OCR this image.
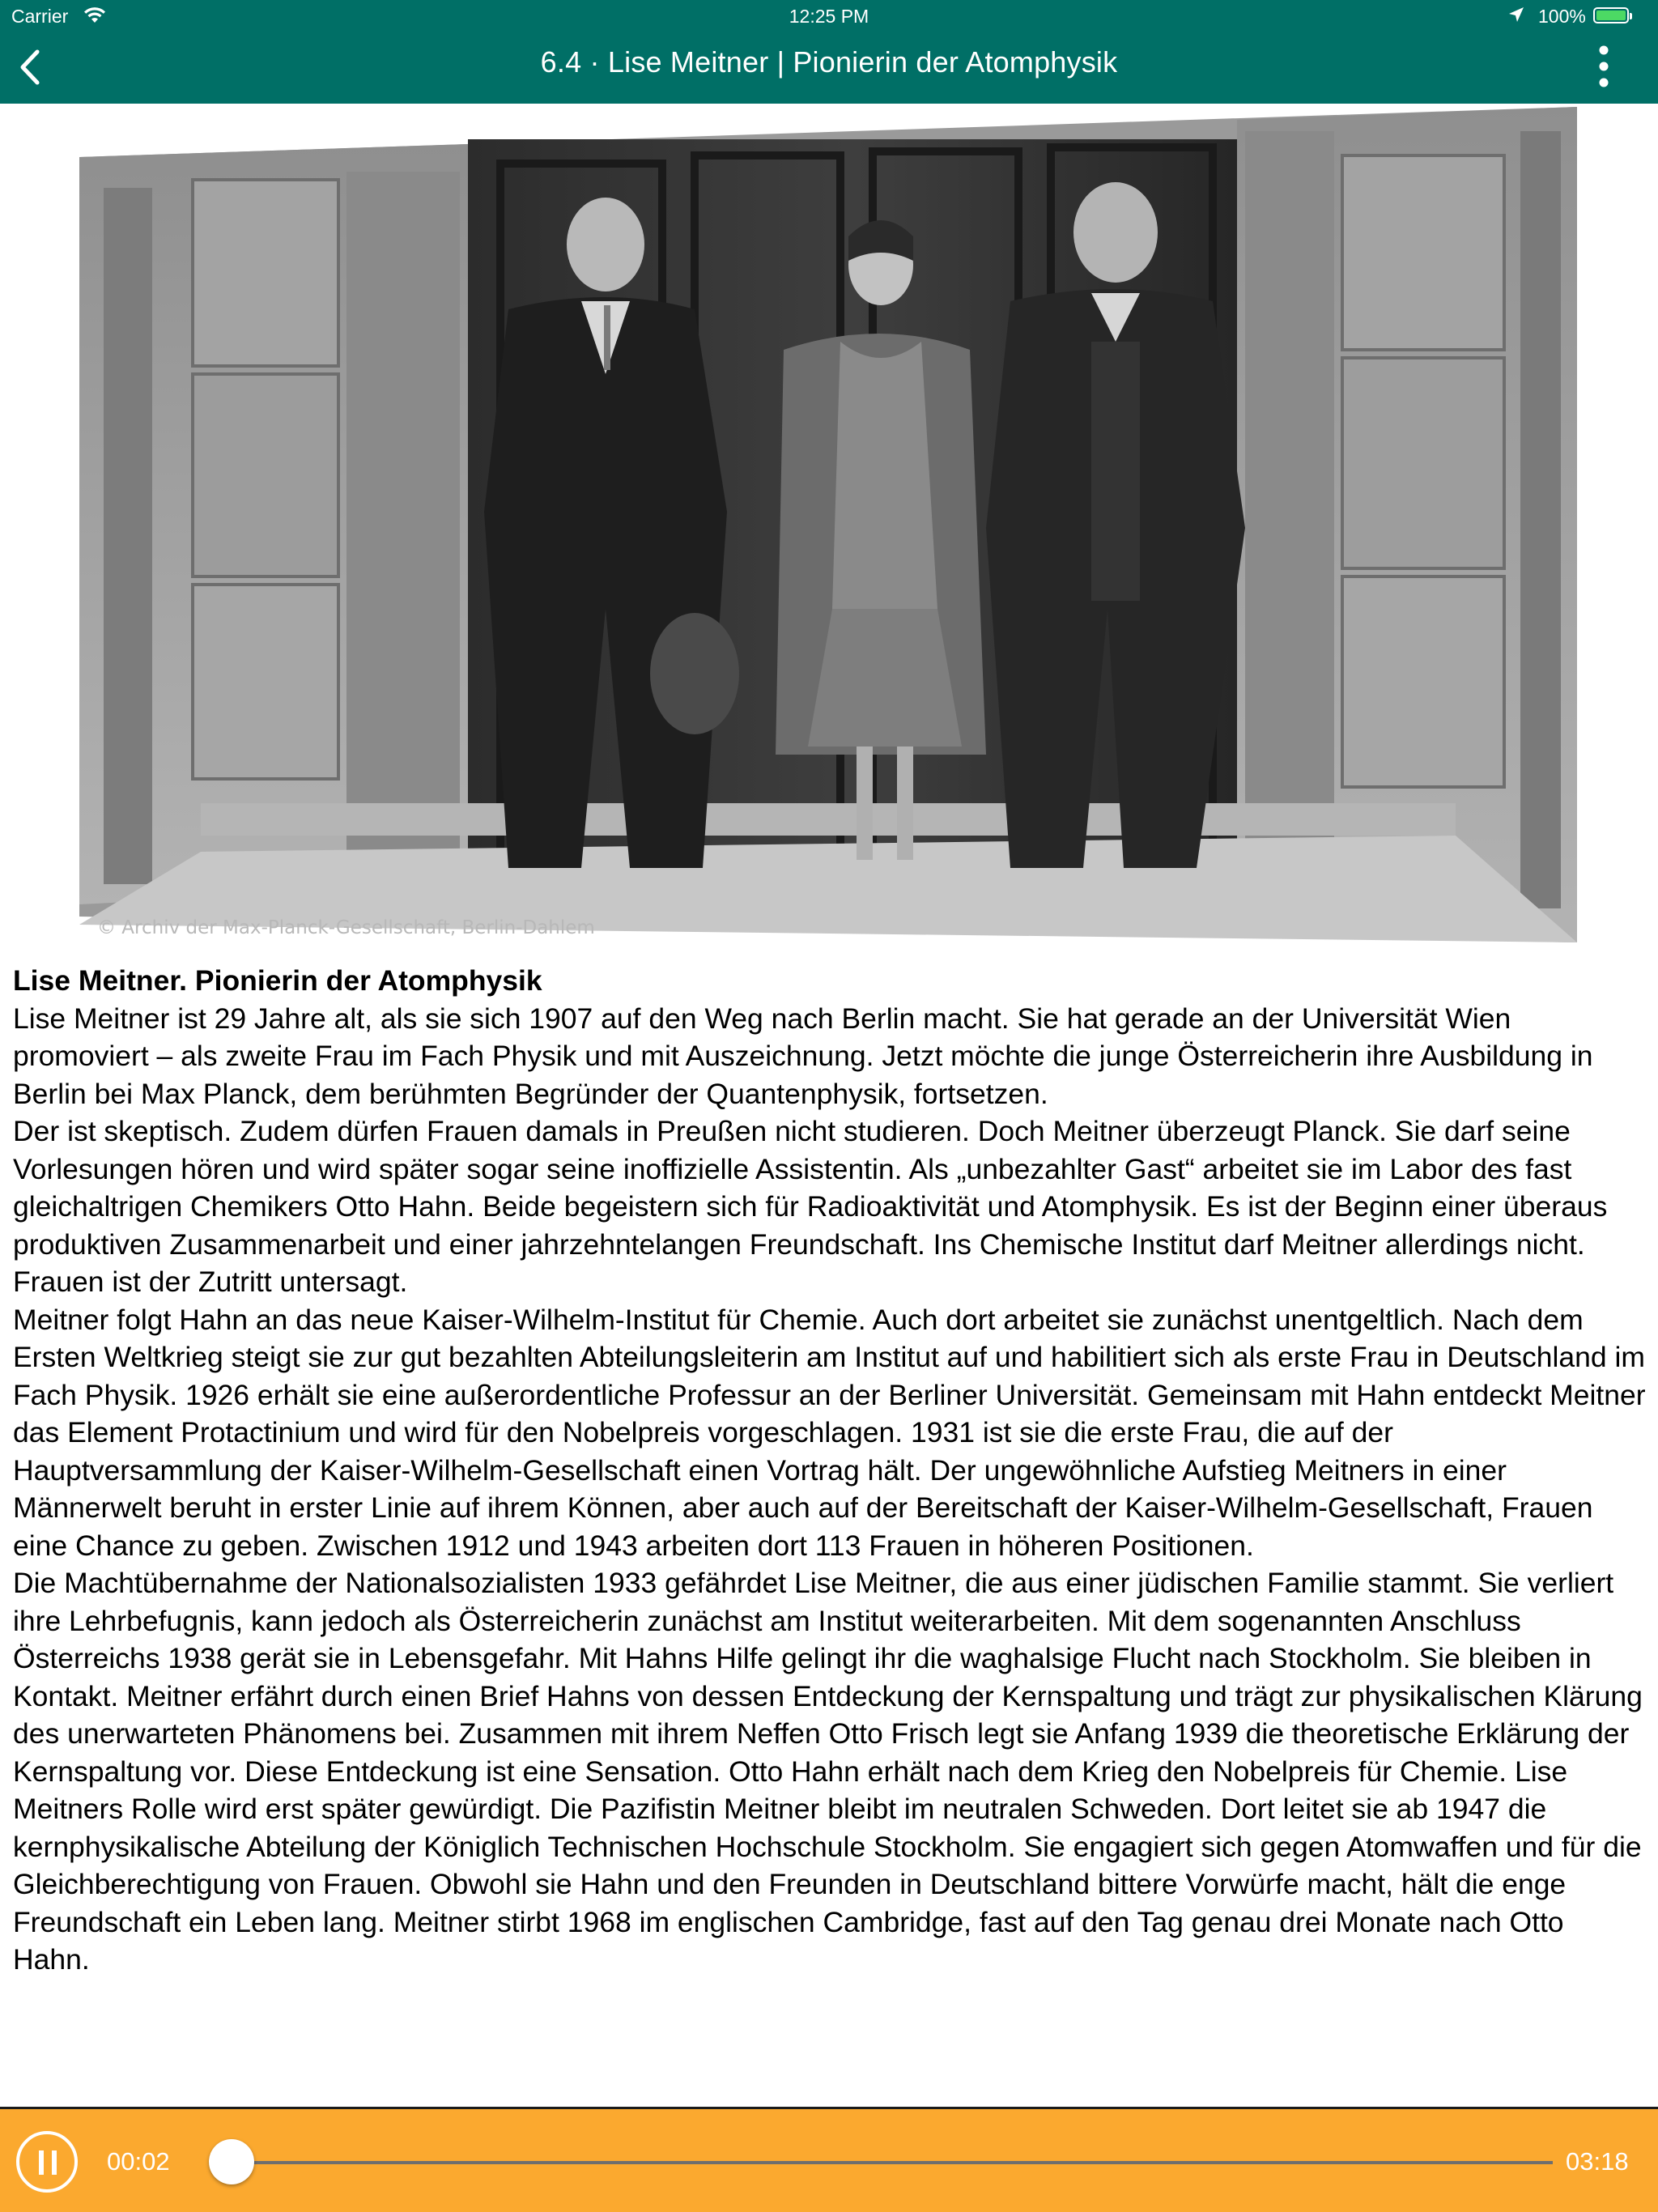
Carrier	12:25 PM	100%
6.4 · Lise Meitner | Pionierin der Atomphysik
© Archiv der Max-Planck-Gesellschaft, Berlin-Dahlem
Lise Meitner. Pionierin der Atomphysik

Lise Meitner ist 29 Jahre alt, als sie sich 1907 auf den Weg nach Berlin macht. Sie hat gerade an der Universität Wien promoviert – als zweite Frau im Fach Physik und mit Auszeichnung. Jetzt möchte die junge Österreicherin ihre Ausbildung in Berlin bei Max Planck, dem berühmten Begründer der Quantenphysik, fortsetzen.

Der ist skeptisch. Zudem dürfen Frauen damals in Preußen nicht studieren. Doch Meitner überzeugt Planck. Sie darf seine Vorlesungen hören und wird später sogar seine inoffizielle Assistentin. Als „unbezahlter Gast“ arbeitet sie im Labor des fast gleichaltrigen Chemikers Otto Hahn. Beide begeistern sich für Radioaktivität und Atomphysik. Es ist der Beginn einer überaus produktiven Zusammenarbeit und einer jahrzehntelangen Freundschaft. Ins Chemische Institut darf Meitner allerdings nicht. Frauen ist der Zutritt untersagt.

Meitner folgt Hahn an das neue Kaiser-Wilhelm-Institut für Chemie. Auch dort arbeitet sie zunächst unentgeltlich. Nach dem Ersten Weltkrieg steigt sie zur gut bezahlten Abteilungsleiterin am Institut auf und habilitiert sich als erste Frau in Deutschland im Fach Physik. 1926 erhält sie eine außerordentliche Professur an der Berliner Universität. Gemeinsam mit Hahn entdeckt Meitner das Element Protactinium und wird für den Nobelpreis vorgeschlagen. 1931 ist sie die erste Frau, die auf der Hauptversammlung der Kaiser-Wilhelm-Gesellschaft einen Vortrag hält. Der ungewöhnliche Aufstieg Meitners in einer Männerwelt beruht in erster Linie auf ihrem Können, aber auch auf der Bereitschaft der Kaiser-Wilhelm-Gesellschaft, Frauen eine Chance zu geben. Zwischen 1912 und 1943 arbeiten dort 113 Frauen in höheren Positionen.

Die Machtübernahme der Nationalsozialisten 1933 gefährdet Lise Meitner, die aus einer jüdischen Familie stammt. Sie verliert ihre Lehrbefugnis, kann jedoch als Österreicherin zunächst am Institut weiterarbeiten. Mit dem sogenannten Anschluss Österreichs 1938 gerät sie in Lebensgefahr. Mit Hahns Hilfe gelingt ihr die waghalsige Flucht nach Stockholm. Sie bleiben in Kontakt. Meitner erfährt durch einen Brief Hahns von dessen Entdeckung der Kernspaltung und trägt zur physikalischen Klärung des unerwarteten Phänomens bei. Zusammen mit ihrem Neffen Otto Frisch legt sie Anfang 1939 die theoretische Erklärung der Kernspaltung vor. Diese Entdeckung ist eine Sensation. Otto Hahn erhält nach dem Krieg den Nobelpreis für Chemie. Lise Meitners Rolle wird erst später gewürdigt. Die Pazifistin Meitner bleibt im neutralen Schweden. Dort leitet sie ab 1947 die kernphysikalische Abteilung der Königlich Technischen Hochschule Stockholm. Sie engagiert sich gegen Atomwaffen und für die Gleichberechtigung von Frauen. Obwohl sie Hahn und den Freunden in Deutschland bittere Vorwürfe macht, hält die enge Freundschaft ein Leben lang. Meitner stirbt 1968 im englischen Cambridge, fast auf den Tag genau drei Monate nach Otto Hahn.

00:02	03:18
